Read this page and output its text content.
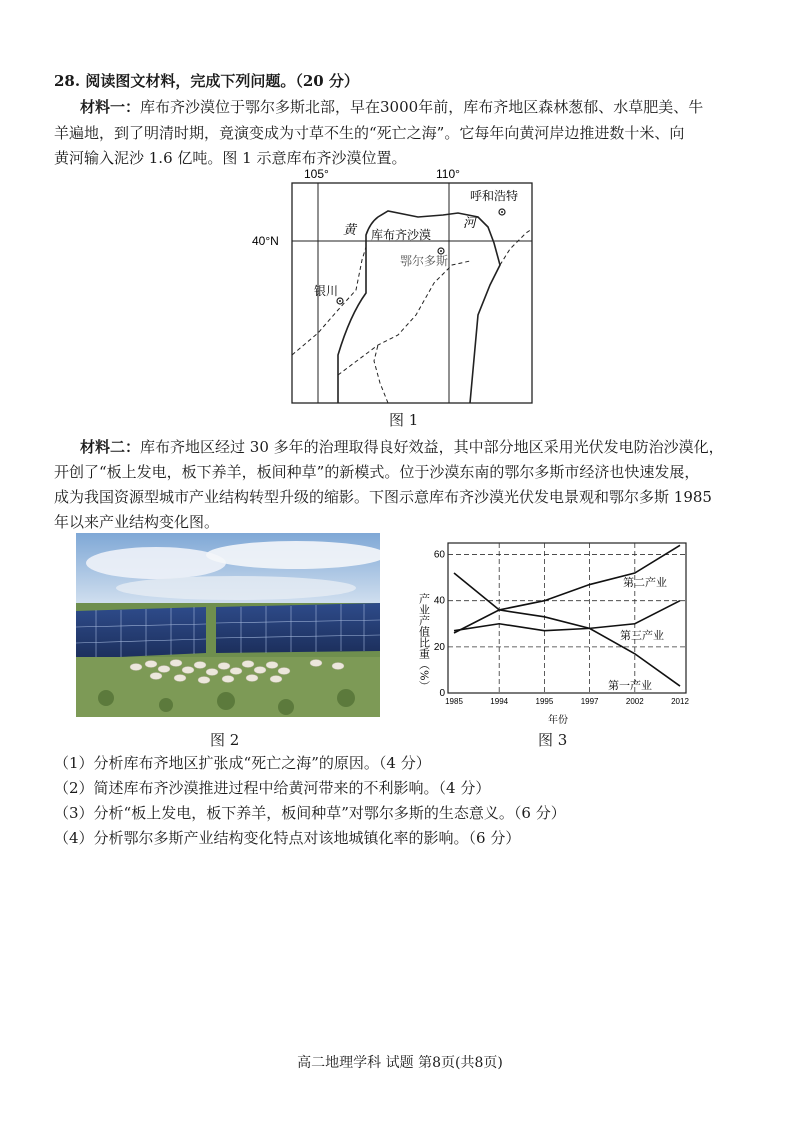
28. 阅读图文材料，完成下列问题。（20 分）
材料一：库布齐沙漠位于鄂尔多斯北部，早在3000年前，库布齐地区森林葱郁、水草肥美、牛
羊遍地，到了明清时期，竟演变成为寸草不生的“死亡之海”。它每年向黄河岸边推进数十米、向
黄河输入泥沙 1.6 亿吨。图 1 示意库布齐沙漠位置。
105°	110°
40°N
黄	河
库布齐沙漠
鄂尔多斯
呼和浩特
银川
图 1
材料二：库布齐地区经过 30 多年的治理取得良好效益，其中部分地区采用光伏发电防治沙漠化，
开创了“板上发电，板下养羊，板间种草”的新模式。位于沙漠东南的鄂尔多斯市经济也快速发展，
成为我国资源型城市产业结构转型升级的缩影。下图示意库布齐沙漠光伏发电景观和鄂尔多斯 1985
年以来产业结构变化图。
图 2
0
20
40
60
1985	1994	1995	1997	2002	2012
产业产值比重（%）
年份
第二产业
第三产业
第一产业
图 3
（1）分析库布齐地区扩张成“死亡之海”的原因。（4 分）
（2）简述库布齐沙漠推进过程中给黄河带来的不利影响。（4 分）
（3）分析“板上发电，板下养羊，板间种草”对鄂尔多斯的生态意义。（6 分）
（4）分析鄂尔多斯产业结构变化特点对该地城镇化率的影响。（6 分）
高二地理学科 试题 第8页(共8页)
